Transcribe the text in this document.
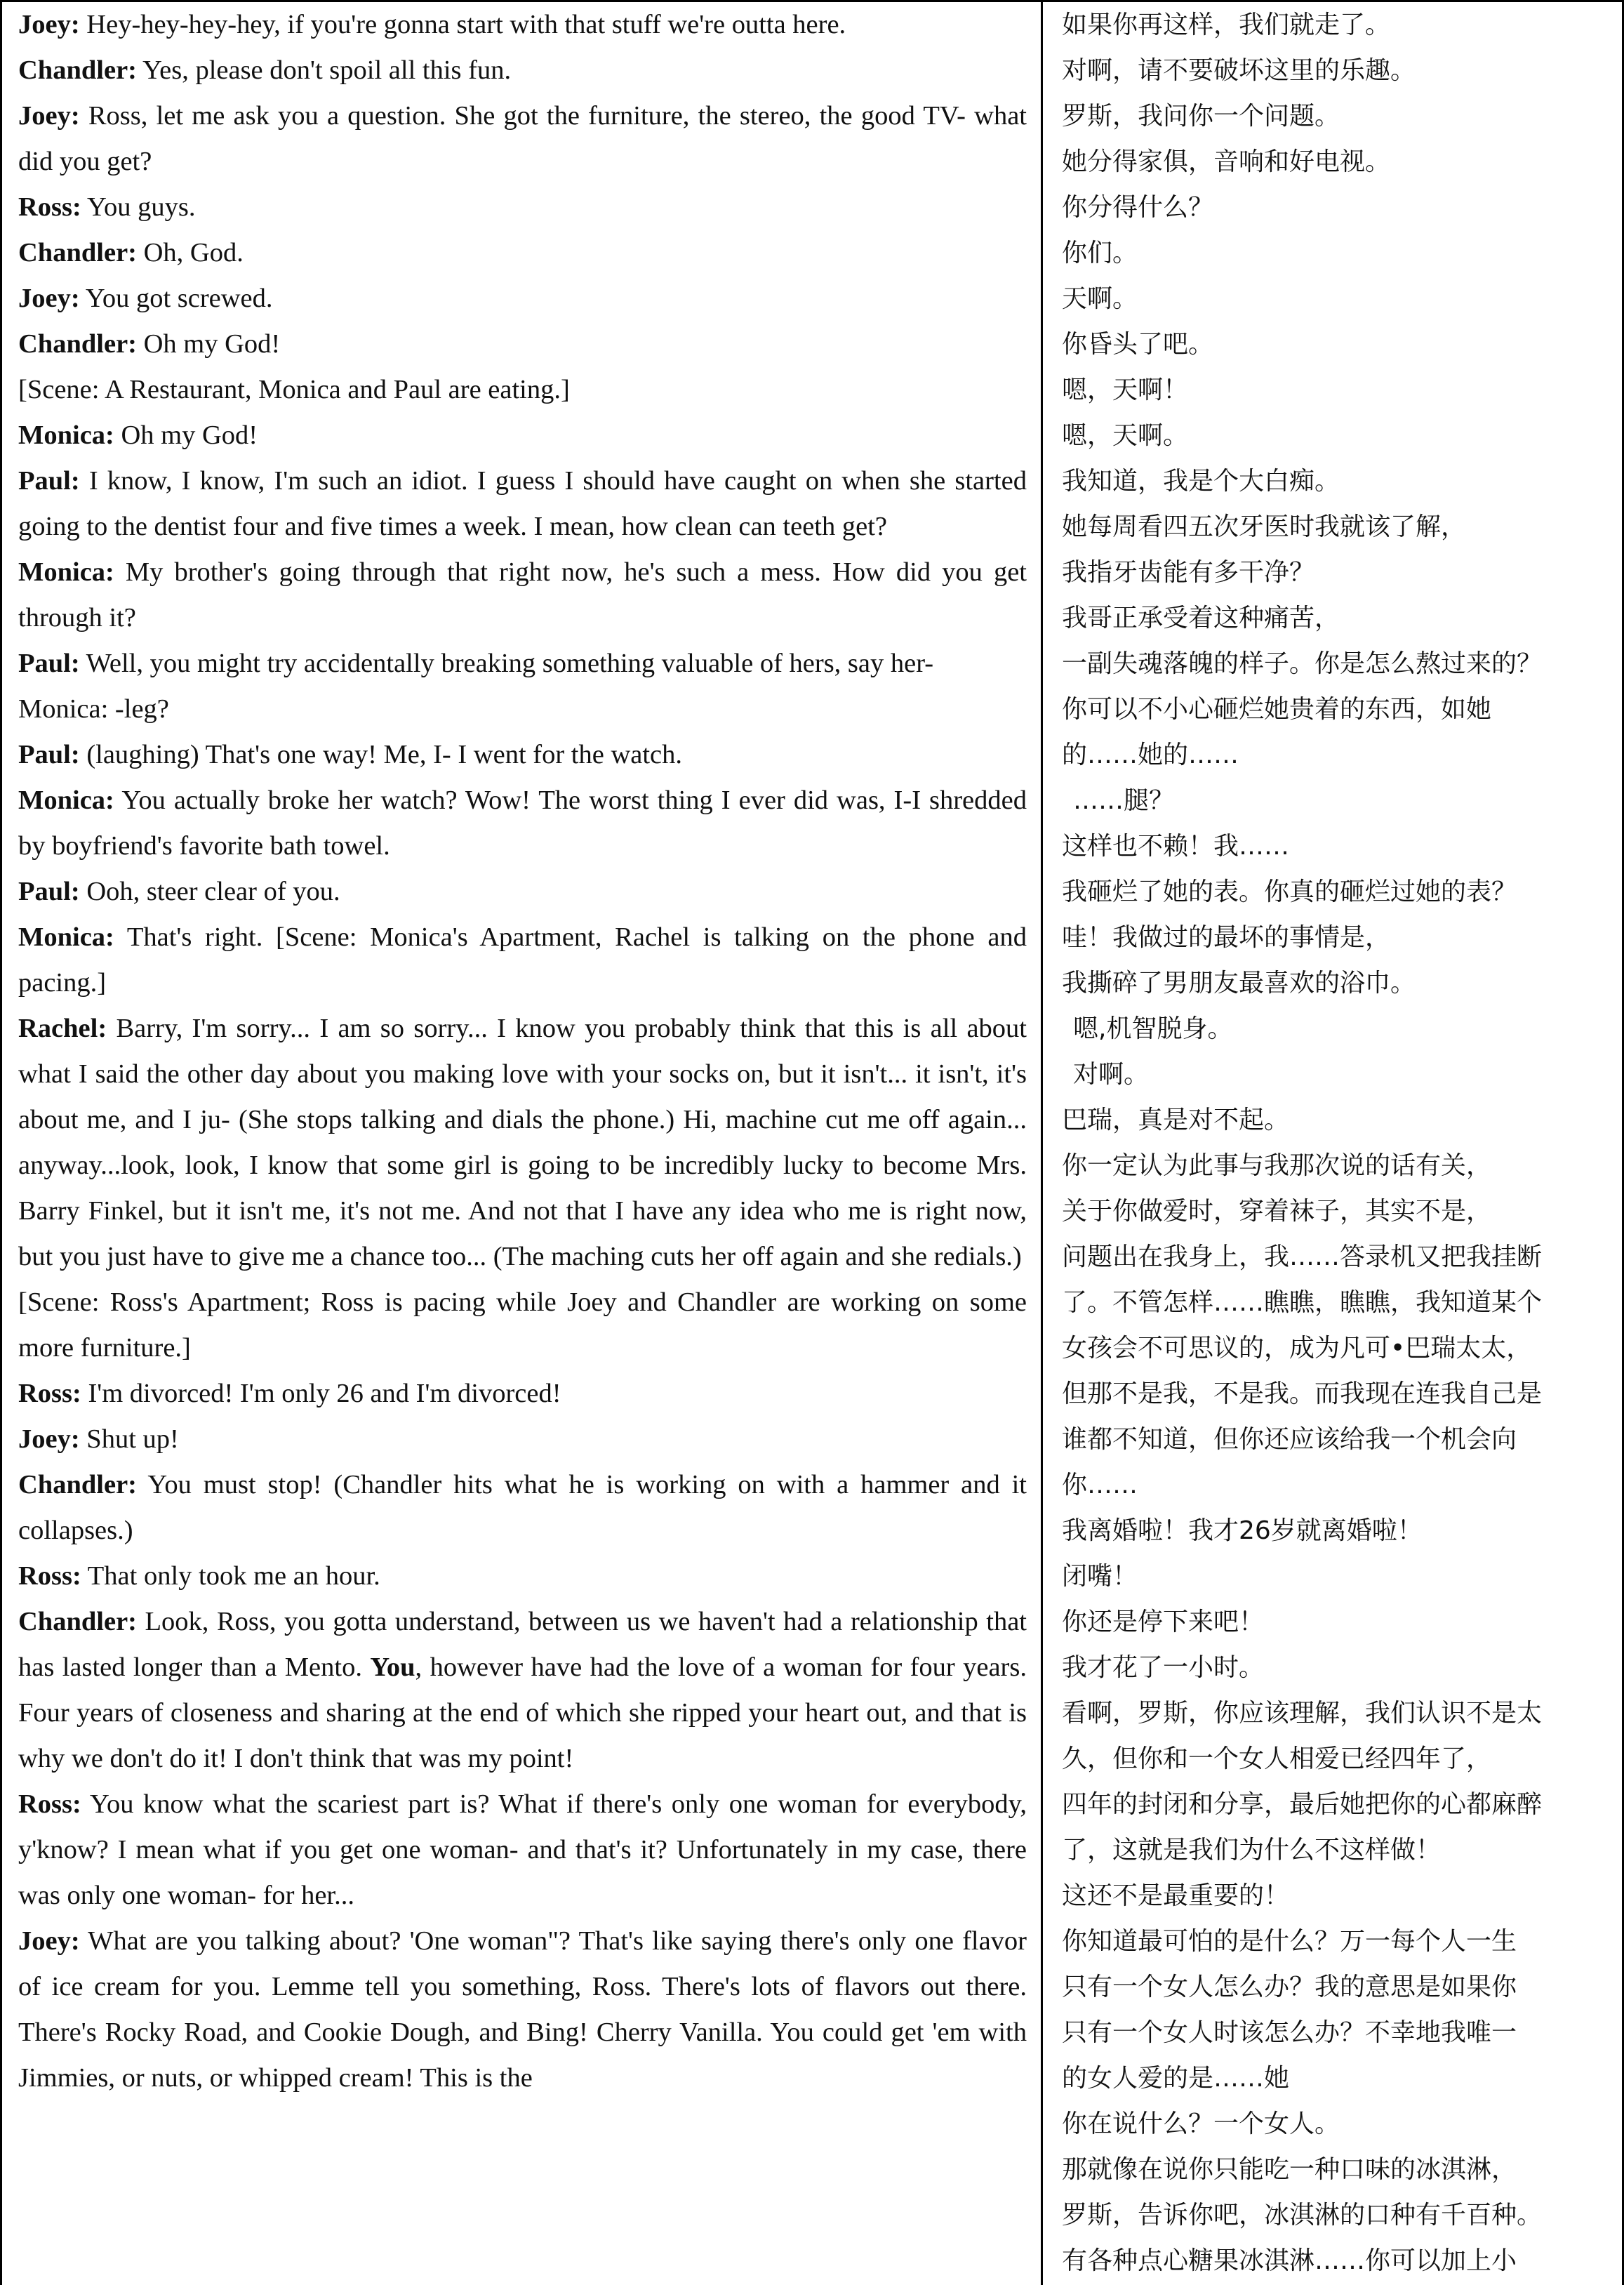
Joey: Hey-hey-hey-hey, if you're gonna start with that stuff we're outta here.

Chandler: Yes, please don't spoil all this fun.

Joey: Ross, let me ask you a question. She got the furniture, the stereo, the good TV- what did you get?

Ross: You guys.

Chandler: Oh, God.

Joey: You got screwed.

Chandler: Oh my God!

[Scene: A Restaurant, Monica and Paul are eating.]

Monica: Oh my God!

Paul: I know, I know, I'm such an idiot. I guess I should have caught on when she started going to the dentist four and five times a week. I mean, how clean can teeth get?

Monica: My brother's going through that right now, he's such a mess. How did you get through it?

Paul: Well, you might try accidentally breaking something valuable of hers, say her-

Monica: -leg?

Paul: (laughing) That's one way! Me, I- I went for the watch.

Monica: You actually broke her watch? Wow! The worst thing I ever did was, I-I shredded by boyfriend's favorite bath towel.

Paul: Ooh, steer clear of you.

Monica: That's right. [Scene: Monica's Apartment, Rachel is talking on the phone and pacing.]

Rachel: Barry, I'm sorry... I am so sorry... I know you probably think that this is all about what I said the other day about you making love with your socks on, but it isn't... it isn't, it's about me, and I ju- (She stops talking and dials the phone.) Hi, machine cut me off again... anyway...look, look, I know that some girl is going to be incredibly lucky to become Mrs. Barry Finkel, but it isn't me, it's not me. And not that I have any idea who me is right now, but you just have to give me a chance too... (The maching cuts her off again and she redials.)

[Scene: Ross's Apartment; Ross is pacing while Joey and Chandler are working on some more furniture.]

Ross: I'm divorced! I'm only 26 and I'm divorced!

Joey: Shut up!

Chandler: You must stop! (Chandler hits what he is working on with a hammer and it collapses.)

Ross: That only took me an hour.

Chandler: Look, Ross, you gotta understand, between us we haven't had a relationship that has lasted longer than a Mento. You, however have had the love of a woman for four years. Four years of closeness and sharing at the end of which she ripped your heart out, and that is why we don't do it! I don't think that was my point!

Ross: You know what the scariest part is? What if there's only one woman for everybody, y'know? I mean what if you get one woman- and that's it? Unfortunately in my case, there was only one woman- for her...

Joey: What are you talking about? 'One woman"? That's like saying there's only one flavor of ice cream for you. Lemme tell you something, Ross. There's lots of flavors out there. There's Rocky Road, and Cookie Dough, and Bing! Cherry Vanilla. You could get 'em with Jimmies, or nuts, or whipped cream! This is the

如果你再这样，我们就走了。
对啊，请不要破坏这里的乐趣。
罗斯，我问你一个问题。
她分得家俱，音响和好电视。
你分得什么？
你们。
天啊。
你昏头了吧。
嗯，天啊！
嗯，天啊。
我知道，我是个大白痴。
她每周看四五次牙医时我就该了解，
我指牙齿能有多干净？
我哥正承受着这种痛苦，
一副失魂落魄的样子。你是怎么熬过来的？
你可以不小心砸烂她贵着的东西，如她
的……她的……
……腿？
这样也不赖！我……
我砸烂了她的表。你真的砸烂过她的表？
哇！我做过的最坏的事情是，
我撕碎了男朋友最喜欢的浴巾。
嗯,机智脱身。
对啊。
巴瑞，真是对不起。
你一定认为此事与我那次说的话有关，
关于你做爱时，穿着袜子，其实不是，
问题出在我身上，我……答录机又把我挂断
了。不管怎样……瞧瞧，瞧瞧，我知道某个
女孩会不可思议的，成为凡可•巴瑞太太，
但那不是我，不是我。而我现在连我自己是
谁都不知道，但你还应该给我一个机会向
你……
我离婚啦！我才26岁就离婚啦！
闭嘴！
你还是停下来吧！
我才花了一小时。
看啊，罗斯，你应该理解，我们认识不是太
久，但你和一个女人相爱已经四年了，
四年的封闭和分享，最后她把你的心都麻醉
了，这就是我们为什么不这样做！
这还不是最重要的！
你知道最可怕的是什么？万一每个人一生
只有一个女人怎么办？我的意思是如果你
只有一个女人时该怎么办？不幸地我唯一
的女人爱的是……她
你在说什么？一个女人。
那就像在说你只能吃一种口味的冰淇淋，
罗斯，告诉你吧，冰淇淋的口种有千百种。
有各种点心糖果冰淇淋……你可以加上小
